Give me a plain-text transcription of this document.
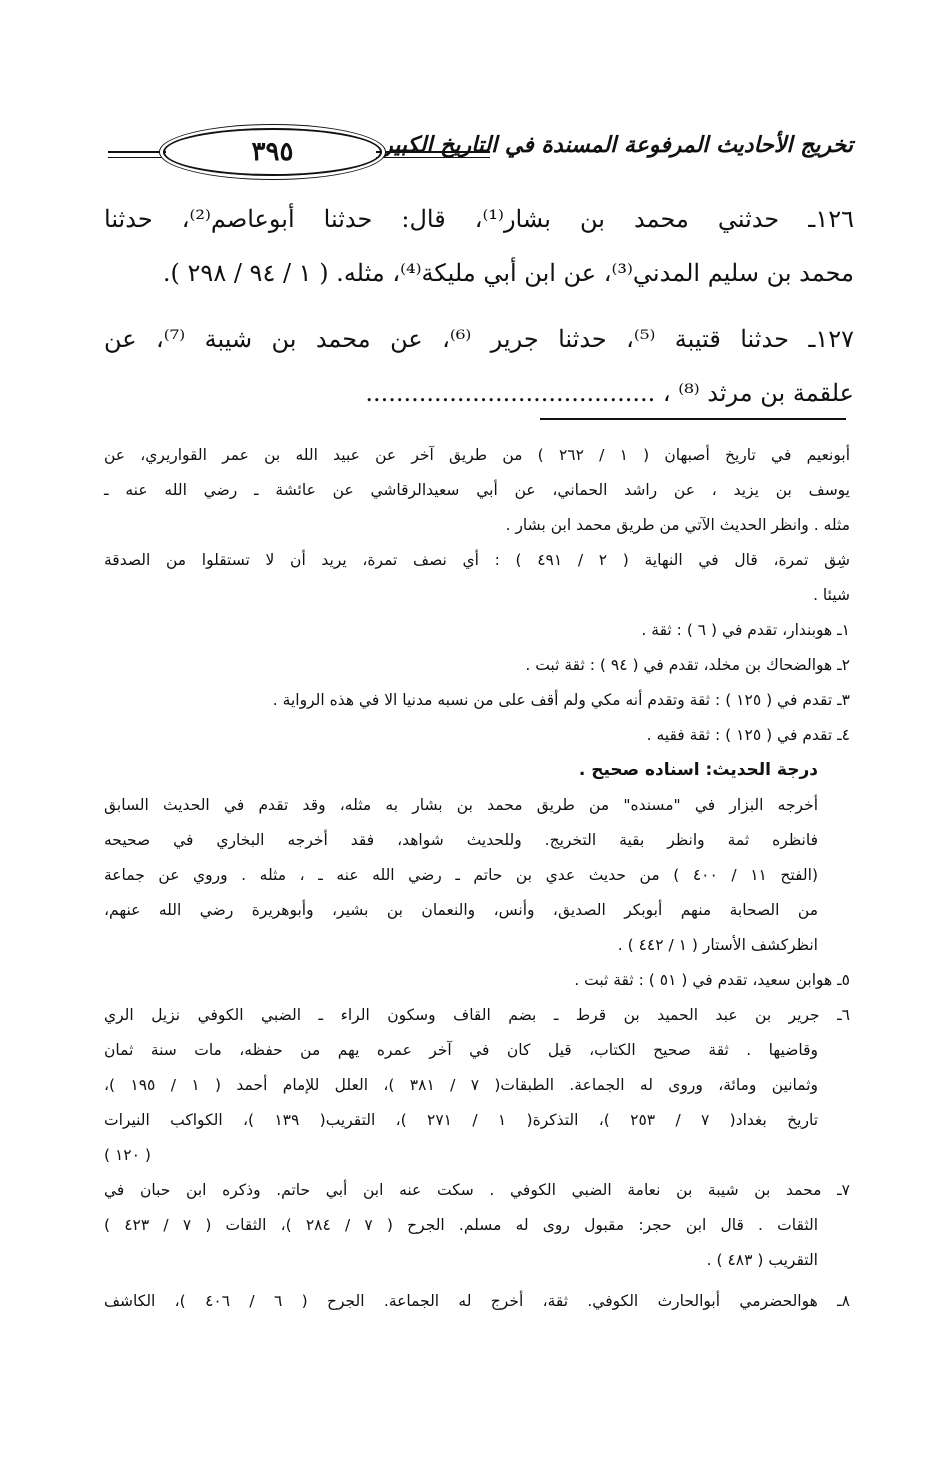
تخريج الأحاديث المرفوعة المسندة في التاريخ الكبير
٣٩٥
١٢٦ـ حدثني محمد بن بشار⁽¹⁾، قال: حدثنا أبوعاصم⁽²⁾، حدثنا
محمد بن سليم المدني⁽³⁾، عن ابن أبي مليكة⁽⁴⁾، مثله. ( ١ / ٩٤ / ٢٩٨ ).
١٢٧ـ حدثنا قتيبة ⁽⁵⁾، حدثنا جرير ⁽⁶⁾، عن محمد بن شيبة ⁽⁷⁾، عن
علقمة بن مرثد ⁽⁸⁾ ، ......................................
أبونعيم في تاريخ أصبهان ( ١ / ٢٦٢ ) من طريق آخر عن عبيد الله بن عمر القواريري، عن
يوسف بن يزيد ، عن راشد الحماني، عن أبي سعيدالرقاشي عن عائشة ـ رضي الله عنه ـ
مثله . وانظر الحديث الآتي من طريق محمد ابن بشار .
شِق تمرة، قال في النهاية ( ٢ / ٤٩١ ) : أي نصف تمرة، يريد أن لا تستقلوا من الصدقة
شيئا .
١ـ هوبندار، تقدم في ( ٦ ) : ثقة .
٢ـ هوالضحاك بن مخلد، تقدم في ( ٩٤ ) : ثقة ثبت .
٣ـ تقدم في ( ١٢٥ ) : ثقة وتقدم أنه مكي ولم أقف على من نسبه مدنيا الا في هذه الرواية .
٤ـ تقدم في ( ١٢٥ ) : ثقة فقيه .
درجة الحديث: اسناده صحيح .
أخرجه البزار في "مسنده" من طريق محمد بن بشار به مثله، وقد تقدم في الحديث السابق
فانظره ثمة وانظر بقية التخريج. وللحديث شواهد، فقد أخرجه البخاري في صحيحه
(الفتح ١١ / ٤٠٠ ) من حديث عدي بن حاتم ـ رضي الله عنه ـ ، مثله . وروي عن جماعة
من الصحابة منهم أبوبكر الصديق، وأنس، والنعمان بن بشير، وأبوهريرة رضي الله عنهم،
انظركشف الأستار ( ١ / ٤٤٢ ) .
٥ـ هوابن سعيد، تقدم في ( ٥١ ) : ثقة ثبت .
٦ـ جرير بن عبد الحميد بن قرط ـ بضم القاف وسكون الراء ـ الضبي الكوفي نزيل الري
وقاضيها . ثقة صحيح الكتاب، قيل كان في آخر عمره يهم من حفظه، مات سنة ثمان
وثمانين ومائة، وروى له الجماعة. الطبقات( ٧ / ٣٨١ )، العلل للإمام أحمد ( ١ / ١٩٥ )،
تاريخ بغداد( ٧ / ٢٥٣ )، التذكرة( ١ / ٢٧١ )، التقريب( ١٣٩ )، الكواكب النيرات
( ١٢٠ )
٧ـ محمد بن شيبة بن نعامة الضبي الكوفي . سكت عنه ابن أبي حاتم. وذكره ابن حبان في
الثقات . قال ابن حجر: مقبول روى له مسلم. الجرح ( ٧ / ٢٨٤ )، الثقات ( ٧ / ٤٢٣ )
التقريب ( ٤٨٣ ) .
٨ـ هوالحضرمي أبوالحارث الكوفي. ثقة، أخرج له الجماعة. الجرح ( ٦ / ٤٠٦ )، الكاشف
